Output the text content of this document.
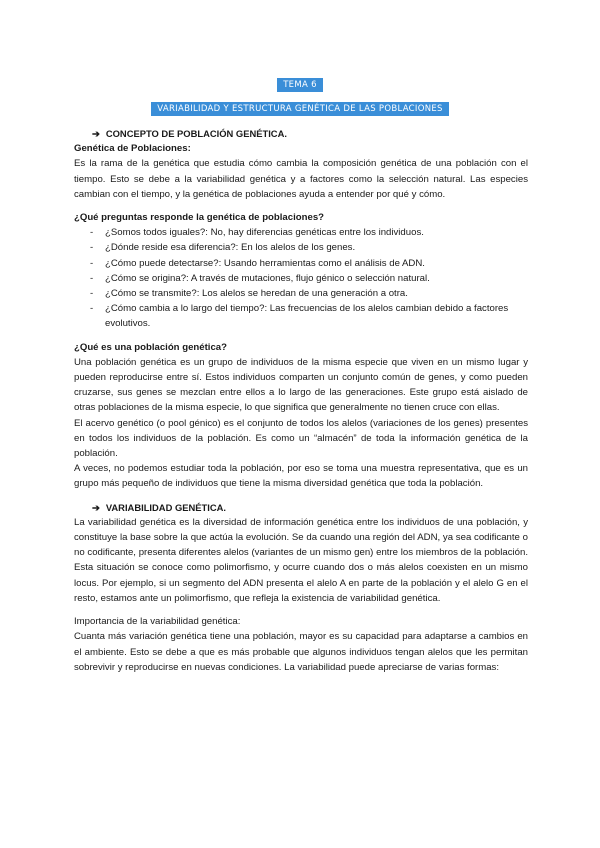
TEMA 6
VARIABILIDAD Y ESTRUCTURA GENÉTICA DE LAS POBLACIONES
➔ CONCEPTO DE POBLACIÓN GENÉTICA.

Genética de Poblaciones:

Es la rama de la genética que estudia cómo cambia la composición genética de una población con el tiempo. Esto se debe a la variabilidad genética y a factores como la selección natural. Las especies cambian con el tiempo, y la genética de poblaciones ayuda a entender por qué y cómo.

¿Qué preguntas responde la genética de poblaciones?

- ¿Somos todos iguales?: No, hay diferencias genéticas entre los individuos.
- ¿Dónde reside esa diferencia?: En los alelos de los genes.
- ¿Cómo puede detectarse?: Usando herramientas como el análisis de ADN.
- ¿Cómo se origina?: A través de mutaciones, flujo génico o selección natural.
- ¿Cómo se transmite?: Los alelos se heredan de una generación a otra.
- ¿Cómo cambia a lo largo del tiempo?: Las frecuencias de los alelos cambian debido a factores evolutivos.

¿Qué es una población genética?

Una población genética es un grupo de individuos de la misma especie que viven en un mismo lugar y pueden reproducirse entre sí. Estos individuos comparten un conjunto común de genes, y como pueden cruzarse, sus genes se mezclan entre ellos a lo largo de las generaciones. Este grupo está aislado de otras poblaciones de la misma especie, lo que significa que generalmente no tienen cruce con ellas.

El acervo genético (o pool génico) es el conjunto de todos los alelos (variaciones de los genes) presentes en todos los individuos de la población. Es como un “almacén” de toda la información genética de la población.

A veces, no podemos estudiar toda la población, por eso se toma una muestra representativa, que es un grupo más pequeño de individuos que tiene la misma diversidad genética que toda la población.

➔ VARIABILIDAD GENÉTICA.

La variabilidad genética es la diversidad de información genética entre los individuos de una población, y constituye la base sobre la que actúa la evolución. Se da cuando una región del ADN, ya sea codificante o no codificante, presenta diferentes alelos (variantes de un mismo gen) entre los miembros de la población. Esta situación se conoce como polimorfismo, y ocurre cuando dos o más alelos coexisten en un mismo locus. Por ejemplo, si un segmento del ADN presenta el alelo A en parte de la población y el alelo G en el resto, estamos ante un polimorfismo, que refleja la existencia de variabilidad genética.

Importancia de la variabilidad genética:

Cuanta más variación genética tiene una población, mayor es su capacidad para adaptarse a cambios en el ambiente. Esto se debe a que es más probable que algunos individuos tengan alelos que les permitan sobrevivir y reproducirse en nuevas condiciones. La variabilidad puede apreciarse de varias formas:
